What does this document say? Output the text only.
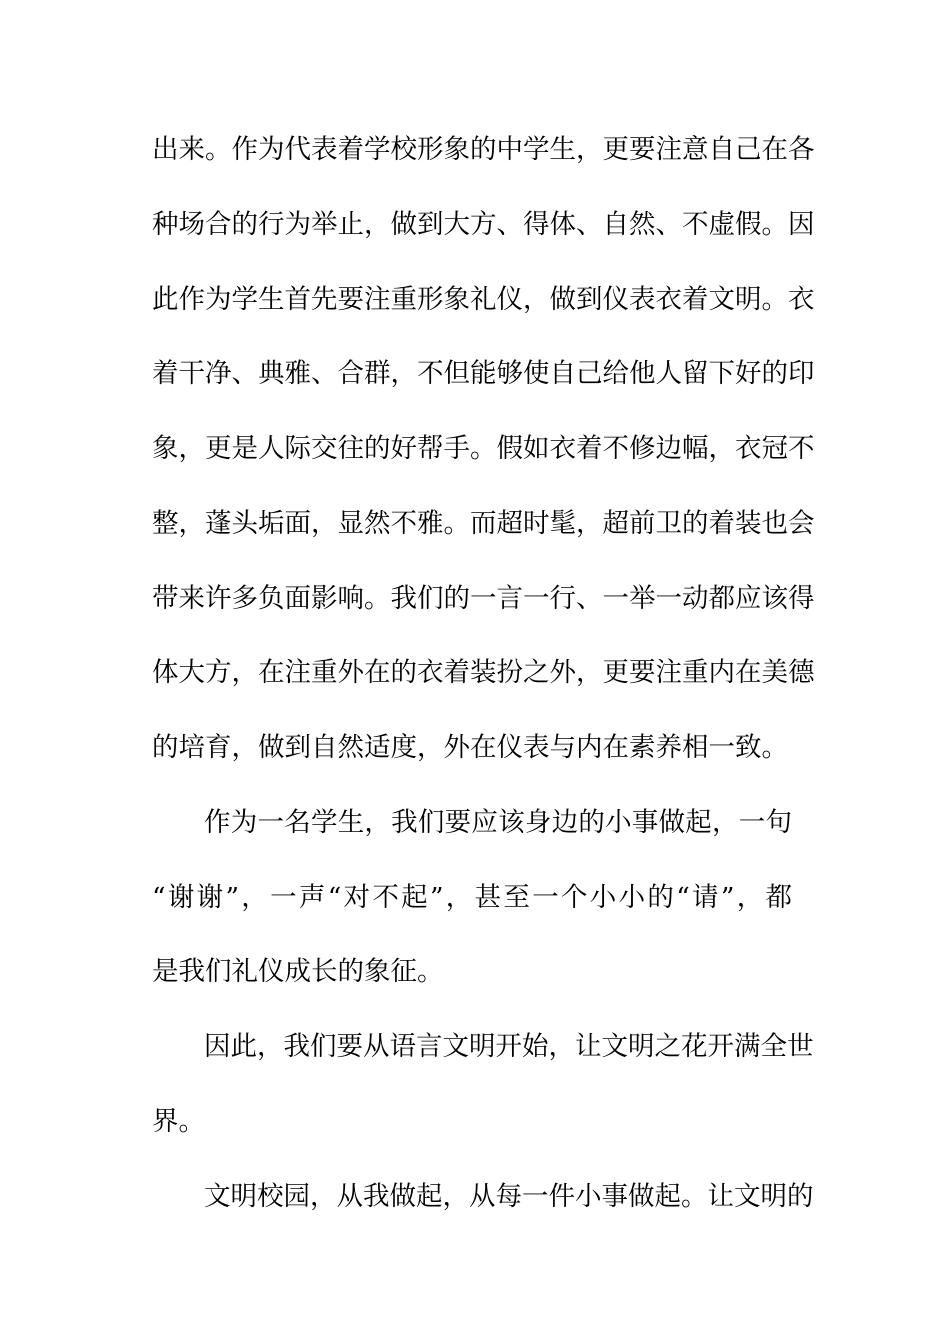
出来。作为代表着学校形象的中学生，更要注意自己在各
种场合的行为举止，做到大方、得体、自然、不虚假。因
此作为学生首先要注重形象礼仪，做到仪表衣着文明。衣
着干净、典雅、合群，不但能够使自己给他人留下好的印
象，更是人际交往的好帮手。假如衣着不修边幅，衣冠不
整，蓬头垢面，显然不雅。而超时髦，超前卫的着装也会
带来许多负面影响。我们的一言一行、一举一动都应该得
体大方，在注重外在的衣着装扮之外，更要注重内在美德
的培育，做到自然适度，外在仪表与内在素养相一致。
作为一名学生，我们要应该身边的小事做起，一句
“谢谢”，一声“对不起”，甚至一个小小的“请”，都
是我们礼仪成长的象征。
因此，我们要从语言文明开始，让文明之花开满全世
界。
文明校园，从我做起，从每一件小事做起。让文明的
